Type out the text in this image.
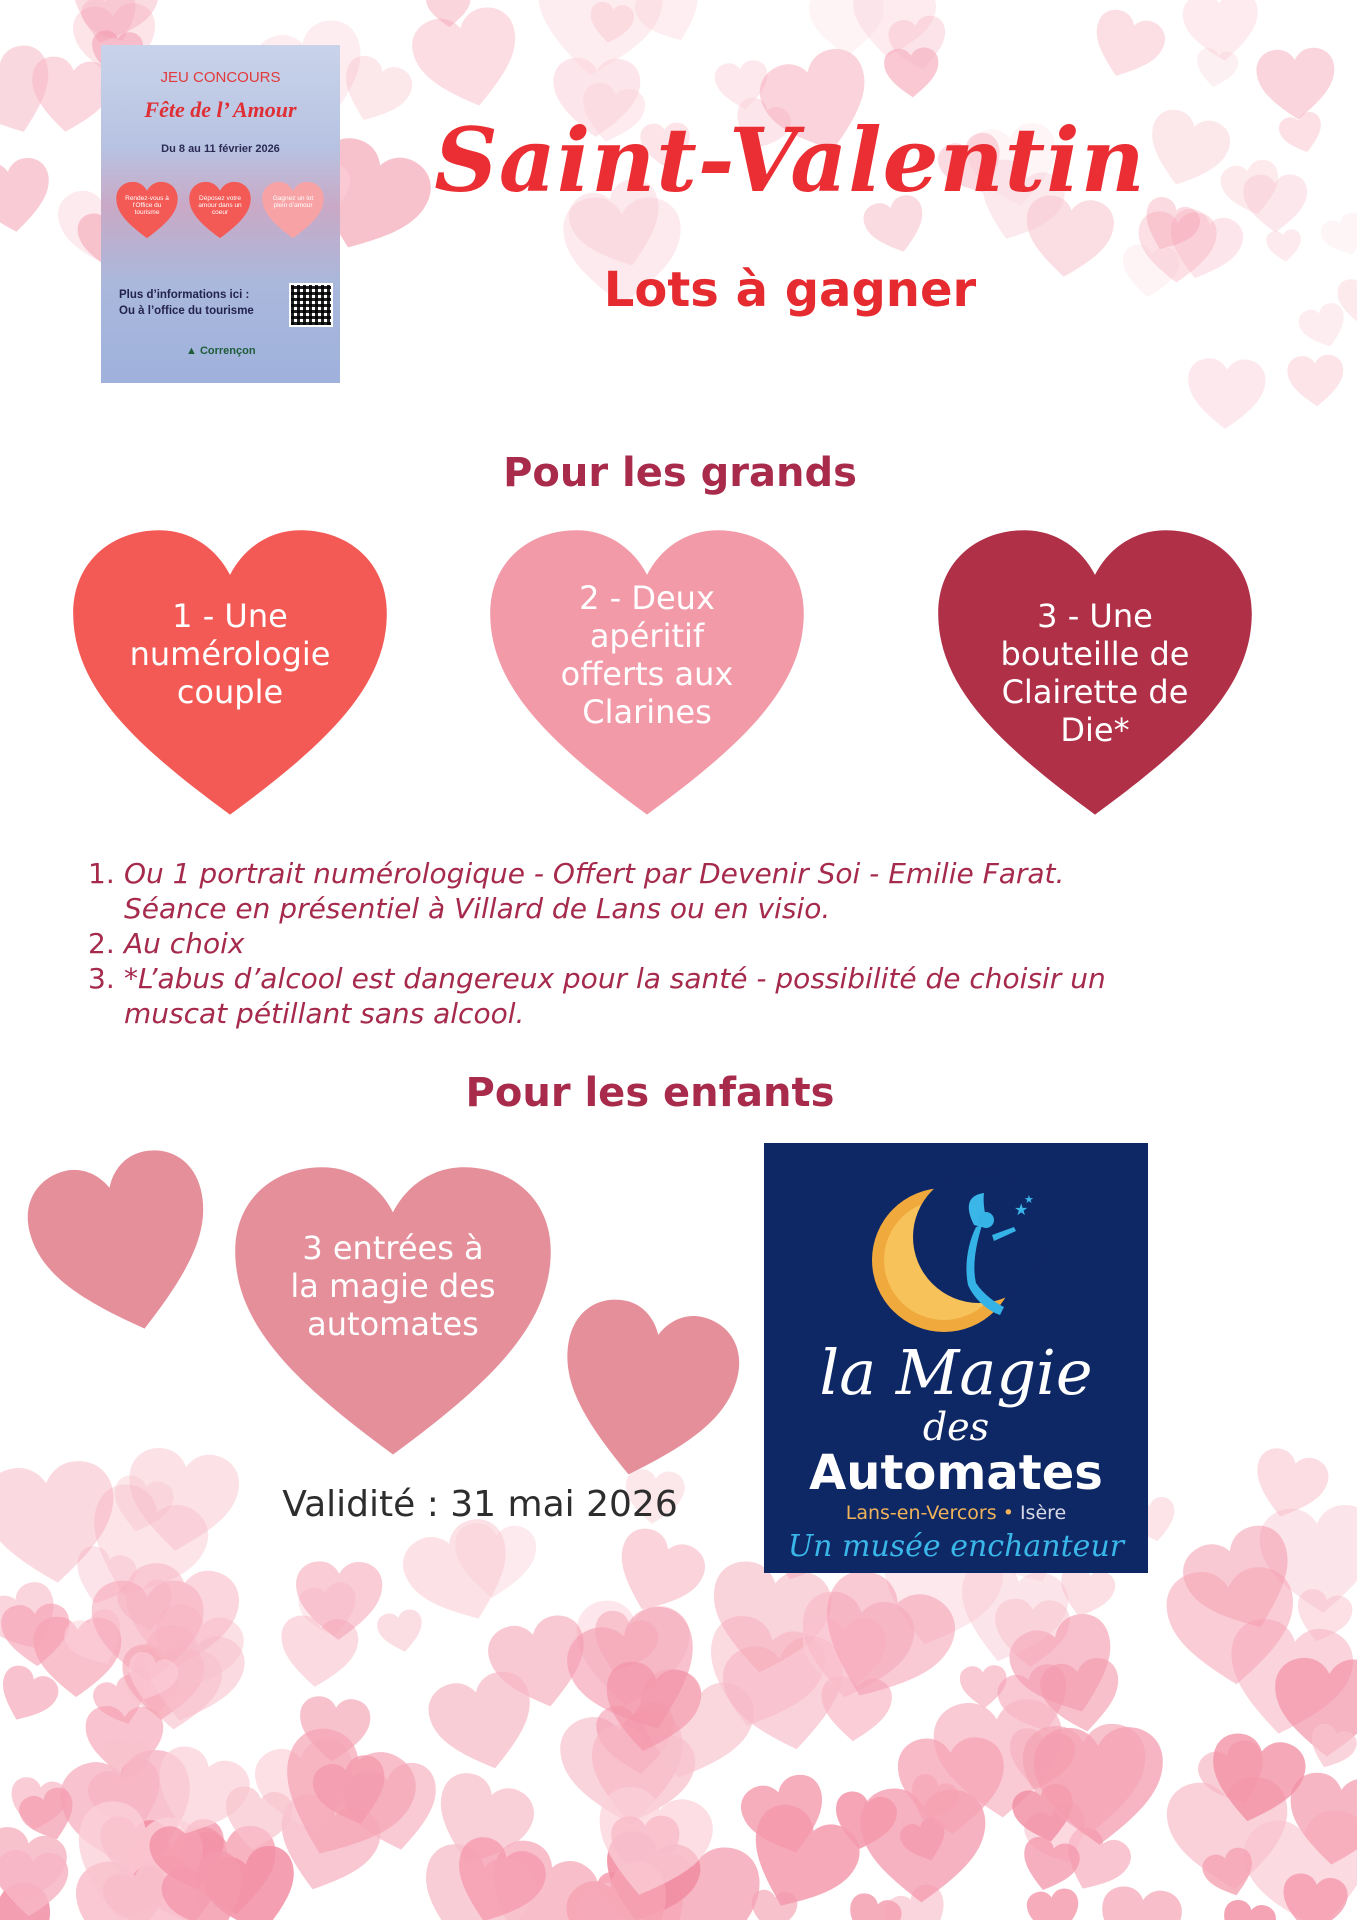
JEU CONCOURS
Fête de l’ Amour
Du 8 au 11 février 2026
Rendez-vous à l’Office du tourisme
Déposez votre amour dans un coeur
Gagnez un lot plein d’amour
Plus d’informations ici :
Ou à l’office du tourisme
▲ Corrençon
Saint-Valentin
Lots à gagner
Pour les grands
1 - Une
numérologie
couple
2 - Deux
apéritif
offerts aux
Clarines
3 - Une
bouteille de
Clairette de
Die*
1. Ou 1 portrait numérologique - Offert par Devenir Soi - Emilie Farat.
Séance en présentiel à Villard de Lans ou en visio.
2. Au choix
3. *L’abus d’alcool est dangereux pour la santé - possibilité de choisir un
muscat pétillant sans alcool.
Pour les enfants
3 entrées à
la magie des
automates
Validité : 31 mai 2026
★
★
la Magie
des
Automates
Lans-en-Vercors • Isère
Un musée enchanteur
